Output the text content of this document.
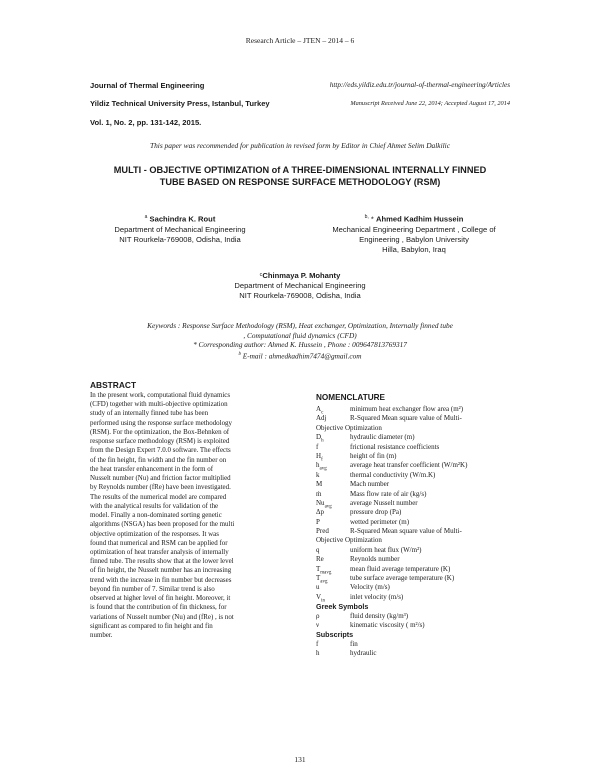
Research Article – JTEN – 2014 – 6
Journal of Thermal Engineering	http://eds.yildiz.edu.tr/journal-of-thermal-engineering/Articles
Yildiz Technical University Press, Istanbul, Turkey	Manuscript Received June 22, 2014; Accepted August 17, 2014
Vol. 1, No. 2, pp. 131-142, 2015.
This paper was recommended for publication in revised form by Editor in Chief Ahmet Selim Dalkilic
MULTI - OBJECTIVE OPTIMIZATION of A THREE-DIMENSIONAL INTERNALLY FINNED
TUBE BASED ON RESPONSE SURFACE METHODOLOGY (RSM)
$^a$ Sachindra K. Rout
Department of Mechanical Engineering
NIT Rourkela-769008, Odisha, India
$^{b,}$ * Ahmed Kadhim Hussein
Mechanical Engineering Department , College of
Engineering , Babylon University
Hilla, Babylon, Iraq
ᶜChinmaya P. Mohanty
Department of Mechanical Engineering
NIT Rourkela-769008, Odisha, India
Keywords : Response Surface Methodology (RSM), Heat exchanger, Optimization, Internally finned tube
, Computational fluid dynamics (CFD)
* Corresponding author: Ahmed K. Hussein , Phone : 009647813769317
$^b$ E-mail : ahmedkadhim7474@gmail.com
ABSTRACT
In the present work, computational fluid dynamics
(CFD) together with multi-objective optimization
study of an internally finned tube has been
performed using the response surface methodology
(RSM). For the optimization, the Box-Behnken of
response surface methodology (RSM) is exploited
from the Design Expert 7.0.0 software. The effects
of the fin height, fin width and the fin number on
the heat transfer enhancement in the form of
Nusselt number (Nu) and friction factor multiplied
by Reynolds number (fRe) have been investigated.
The results of the numerical model are compared
with the analytical results for validation of the
model. Finally a non-dominated sorting genetic
algorithms (NSGA) has been proposed for the multi
objective optimization of the responses. It was
found that numerical and RSM can be applied for
optimization of heat transfer analysis of internally
finned tube. The results show that at the lower level
of fin height, the Nusselt number has an increasing
trend with the increase in fin number but decreases
beyond fin number of 7. Similar trend is also
observed at higher level of fin height. Moreover, it
is found that the contribution of fin thickness, for
variations of Nusselt number (Nu) and (fRe) , is not
significant as compared to fin height and fin
number.
NOMENCLATURE
$A_c$	minimum heat exchanger flow area (m²)
Adj	R-Squared Mean square value of Multi-
Objective Optimization
$D_h$	hydraulic diameter (m)
f	frictional resistance coefficients
$H_f$	height of fin (m)
$h_{avg}$	average heat transfer coefficient (W/m²K)
k	thermal conductivity (W/m.K)
M	Mach number
ṁ	Mass flow rate of air (kg/s)
$Nu_{avg}$	average Nusselt number
Δp	pressure drop (Pa)
P	wetted perimeter (m)
Pred	R-Squared Mean square value of Multi-
Objective Optimization
q	uniform heat flux (W/m²)
Re	Reynolds number
$T_{mavg}$	mean fluid average temperature (K)
$T_{avg}$	tube surface average temperature (K)
u	Velocity (m/s)
$V_{in}$	inlet velocity (m/s)
Greek Symbols
ρ	fluid density (kg/m³)
ν	kinematic viscosity ( m²/s)
Subscripts
f	fin
h	hydraulic
131
